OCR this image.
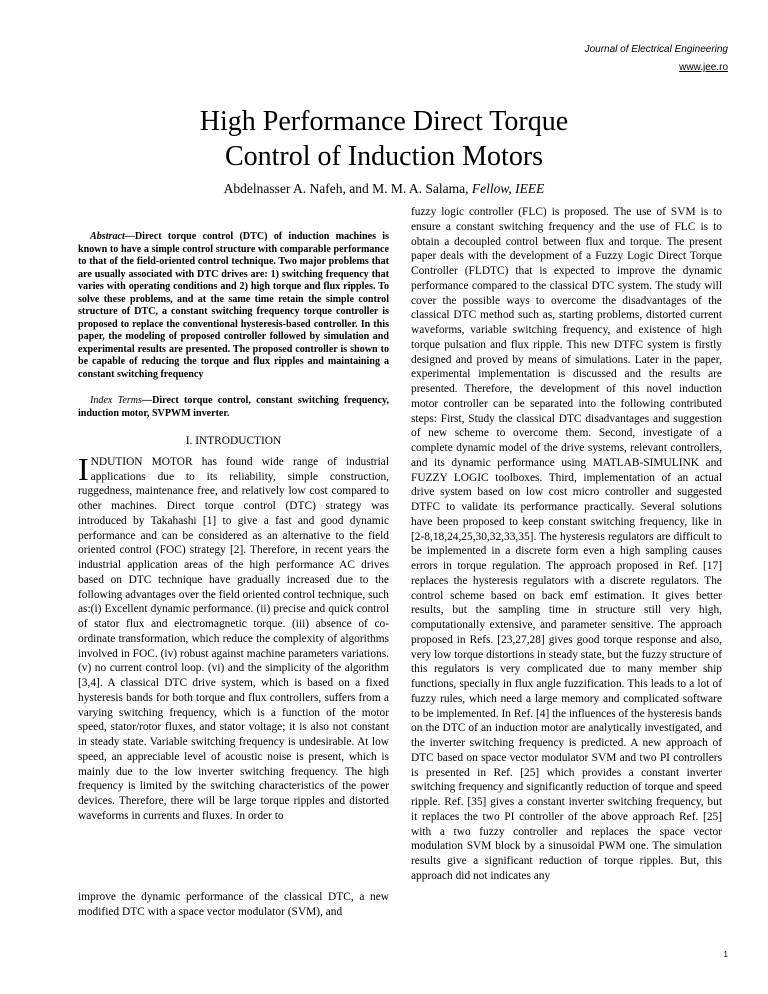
Journal of Electrical Engineering
www.jee.ro
High Performance Direct Torque Control of Induction Motors
Abdelnasser A. Nafeh, and M. M. A. Salama, Fellow, IEEE

Abstract—Direct torque control (DTC) of induction machines is known to have a simple control structure with comparable performance to that of the field-oriented control technique. Two major problems that are usually associated with DTC drives are: 1) switching frequency that varies with operating conditions and 2) high torque and flux ripples. To solve these problems, and at the same time retain the simple control structure of DTC, a constant switching frequency torque controller is proposed to replace the conventional hysteresis-based controller. In this paper, the modeling of proposed controller followed by simulation and experimental results are presented. The proposed controller is shown to be capable of reducing the torque and flux ripples and maintaining a constant switching frequency

Index Terms—Direct torque control, constant switching frequency, induction motor, SVPWM inverter.

I. INTRODUCTION

INDUTION MOTOR has found wide range of industrial applications due to its reliability, simple construction, ruggedness, maintenance free, and relatively low cost compared to other machines. Direct torque control (DTC) strategy was introduced by Takahashi [1] to give a fast and good dynamic performance and can be considered as an alternative to the field oriented control (FOC) strategy [2]. Therefore, in recent years the industrial application areas of the high performance AC drives based on DTC technique have gradually increased due to the following advantages over the field oriented control technique, such as:(i) Excellent dynamic performance. (ii) precise and quick control of stator flux and electromagnetic torque. (iii) absence of co-ordinate transformation, which reduce the complexity of algorithms involved in FOC. (iv) robust against machine parameters variations. (v) no current control loop. (vi) and the simplicity of the algorithm [3,4]. A classical DTC drive system, which is based on a fixed hysteresis bands for both torque and flux controllers, suffers from a varying switching frequency, which is a function of the motor speed, stator/rotor fluxes, and stator voltage; it is also not constant in steady state. Variable switching frequency is undesirable. At low speed, an appreciable level of acoustic noise is present, which is mainly due to the low inverter switching frequency. The high frequency is limited by the switching characteristics of the power devices. Therefore, there will be large torque ripples and distorted waveforms in currents and fluxes. In order to

improve the dynamic performance of the classical DTC, a new modified DTC with a space vector modulator (SVM), and

fuzzy logic controller (FLC) is proposed. The use of SVM is to ensure a constant switching frequency and the use of FLC is to obtain a decoupled control between flux and torque. The present paper deals with the development of a Fuzzy Logic Direct Torque Controller (FLDTC) that is expected to improve the dynamic performance compared to the classical DTC system. The study will cover the possible ways to overcome the disadvantages of the classical DTC method such as, starting problems, distorted current waveforms, variable switching frequency, and existence of high torque pulsation and flux ripple. This new DTFC system is firstly designed and proved by means of simulations. Later in the paper, experimental implementation is discussed and the results are presented. Therefore, the development of this novel induction motor controller can be separated into the following contributed steps: First, Study the classical DTC disadvantages and suggestion of new scheme to overcome them. Second, investigate of a complete dynamic model of the drive systems, relevant controllers, and its dynamic performance using MATLAB-SIMULINK and FUZZY LOGIC toolboxes. Third, implementation of an actual drive system based on low cost micro controller and suggested DTFC to validate its performance practically. Several solutions have been proposed to keep constant switching frequency, like in [2-8,18,24,25,30,32,33,35]. The hysteresis regulators are difficult to be implemented in a discrete form even a high sampling causes errors in torque regulation. The approach proposed in Ref. [17] replaces the hysteresis regulators with a discrete regulators. The control scheme based on back emf estimation. It gives better results, but the sampling time in structure still very high, computationally extensive, and parameter sensitive. The approach proposed in Refs. [23,27,28] gives good torque response and also, very low torque distortions in steady state, but the fuzzy structure of this regulators is very complicated due to many member ship functions, specially in flux angle fuzzification. This leads to a lot of fuzzy rules, which need a large memory and complicated software to be implemented. In Ref. [4] the influences of the hysteresis bands on the DTC of an induction motor are analytically investigated, and the inverter switching frequency is predicted. A new approach of DTC based on space vector modulator SVM and two PI controllers is presented in Ref. [25] which provides a constant inverter switching frequency and significantly reduction of torque and speed ripple. Ref. [35] gives a constant inverter switching frequency, but it replaces the two PI controller of the above approach Ref. [25] with a two fuzzy controller and replaces the space vector modulation SVM block by a sinusoidal PWM one. The simulation results give a significant reduction of torque ripples. But, this approach did not indicates any

1
